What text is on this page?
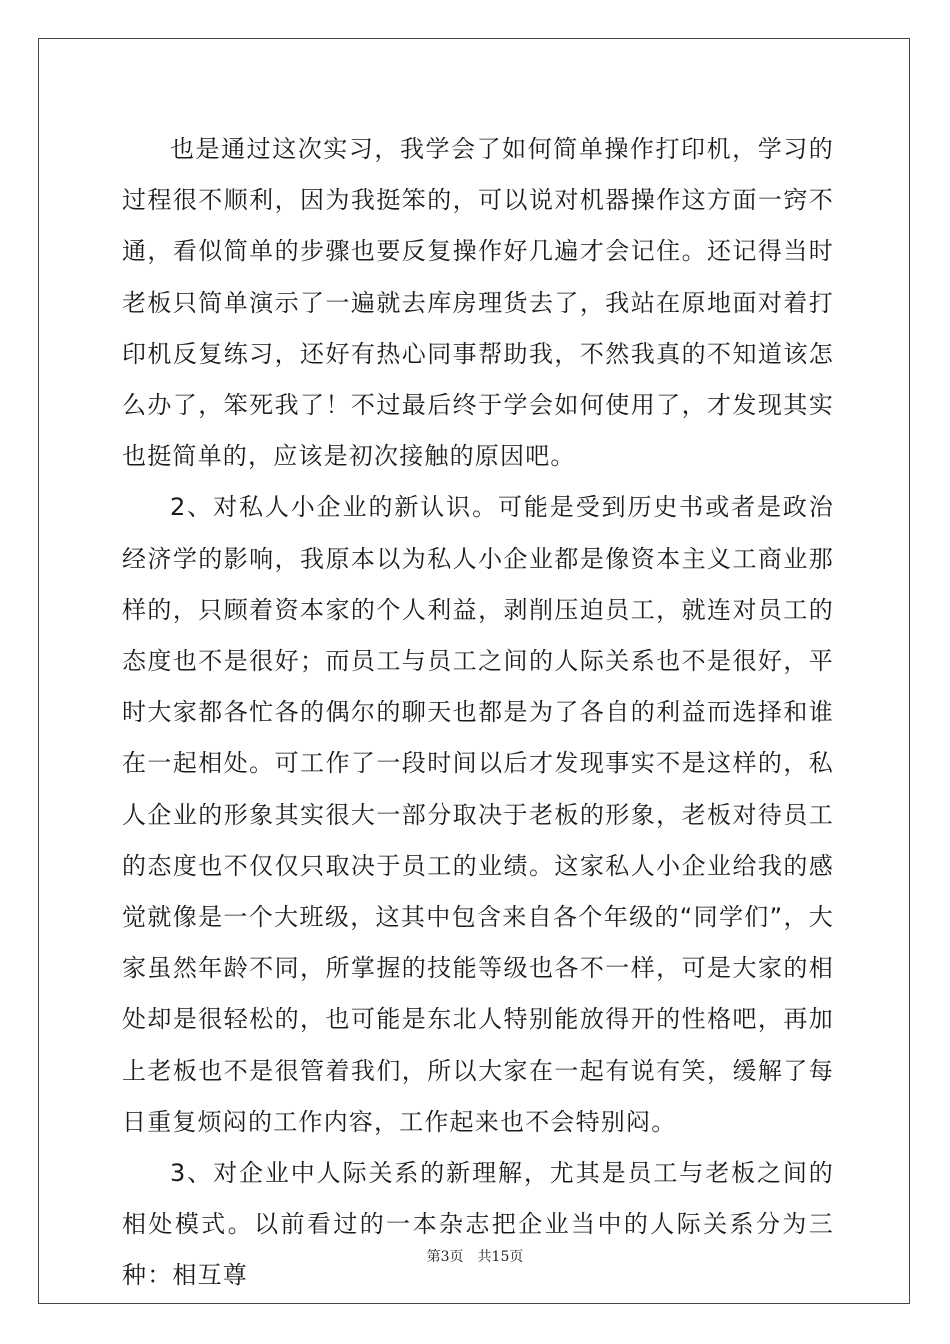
也是通过这次实习，我学会了如何简单操作打印机，学习的过程很不顺利，因为我挺笨的，可以说对机器操作这方面一窍不通，看似简单的步骤也要反复操作好几遍才会记住。还记得当时老板只简单演示了一遍就去库房理货去了，我站在原地面对着打印机反复练习，还好有热心同事帮助我，不然我真的不知道该怎么办了，笨死我了！不过最后终于学会如何使用了，才发现其实也挺简单的，应该是初次接触的原因吧。

2、对私人小企业的新认识。可能是受到历史书或者是政治经济学的影响，我原本以为私人小企业都是像资本主义工商业那样的，只顾着资本家的个人利益，剥削压迫员工，就连对员工的态度也不是很好；而员工与员工之间的人际关系也不是很好，平时大家都各忙各的偶尔的聊天也都是为了各自的利益而选择和谁在一起相处。可工作了一段时间以后才发现事实不是这样的，私人企业的形象其实很大一部分取决于老板的形象，老板对待员工的态度也不仅仅只取决于员工的业绩。这家私人小企业给我的感觉就像是一个大班级，这其中包含来自各个年级的“同学们”，大家虽然年龄不同，所掌握的技能等级也各不一样，可是大家的相处却是很轻松的，也可能是东北人特别能放得开的性格吧，再加上老板也不是很管着我们，所以大家在一起有说有笑，缓解了每日重复烦闷的工作内容，工作起来也不会特别闷。

3、对企业中人际关系的新理解，尤其是员工与老板之间的相处模式。以前看过的一本杂志把企业当中的人际关系分为三种：相互尊

第3页 共15页
